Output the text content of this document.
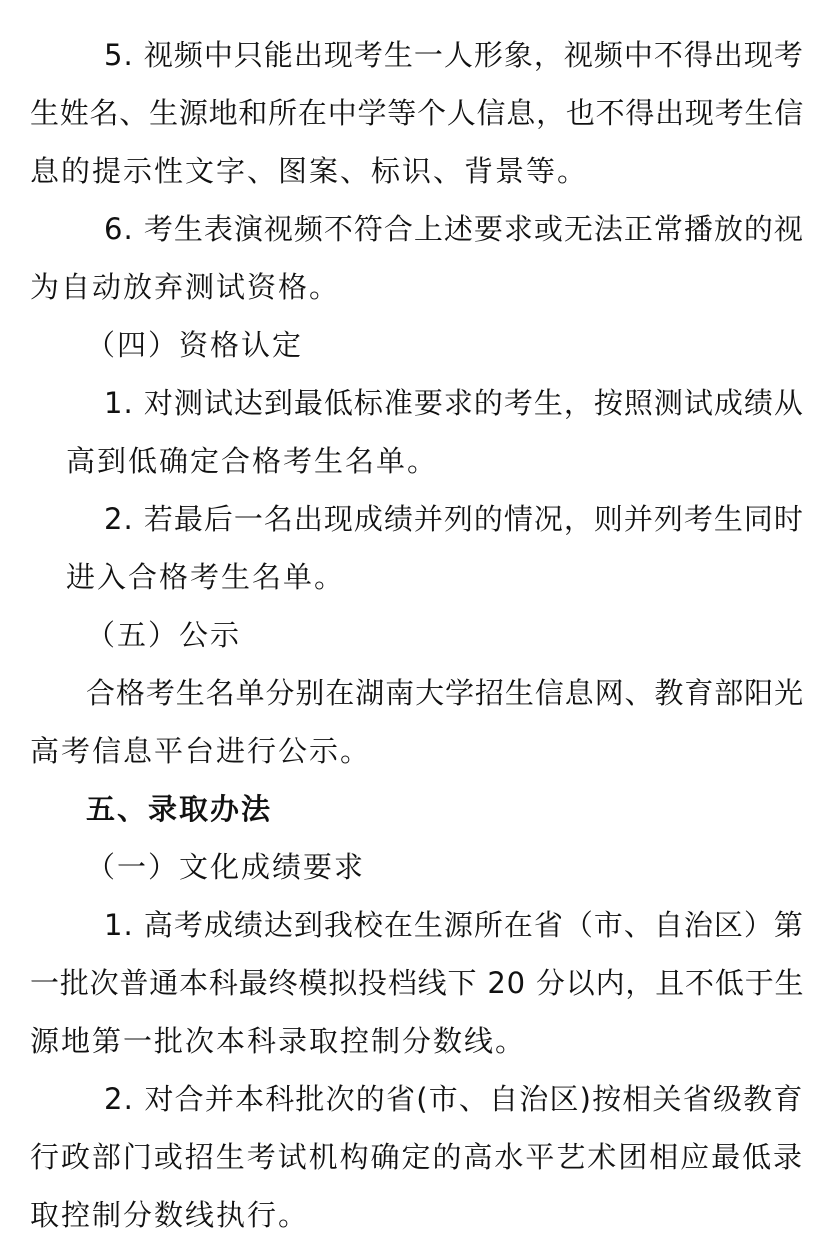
5. 视频中只能出现考生一人形象，视频中不得出现考
生姓名、生源地和所在中学等个人信息，也不得出现考生信
息的提示性文字、图案、标识、背景等。
6. 考生表演视频不符合上述要求或无法正常播放的视
为自动放弃测试资格。
（四）资格认定
1. 对测试达到最低标准要求的考生，按照测试成绩从
高到低确定合格考生名单。
2. 若最后一名出现成绩并列的情况，则并列考生同时
进入合格考生名单。
（五）公示
合格考生名单分别在湖南大学招生信息网、教育部阳光
高考信息平台进行公示。
五、录取办法
（一）文化成绩要求
1. 高考成绩达到我校在生源所在省（市、自治区）第
一批次普通本科最终模拟投档线下 20 分以内，且不低于生
源地第一批次本科录取控制分数线。
2. 对合并本科批次的省(市、自治区)按相关省级教育
行政部门或招生考试机构确定的高水平艺术团相应最低录
取控制分数线执行。
